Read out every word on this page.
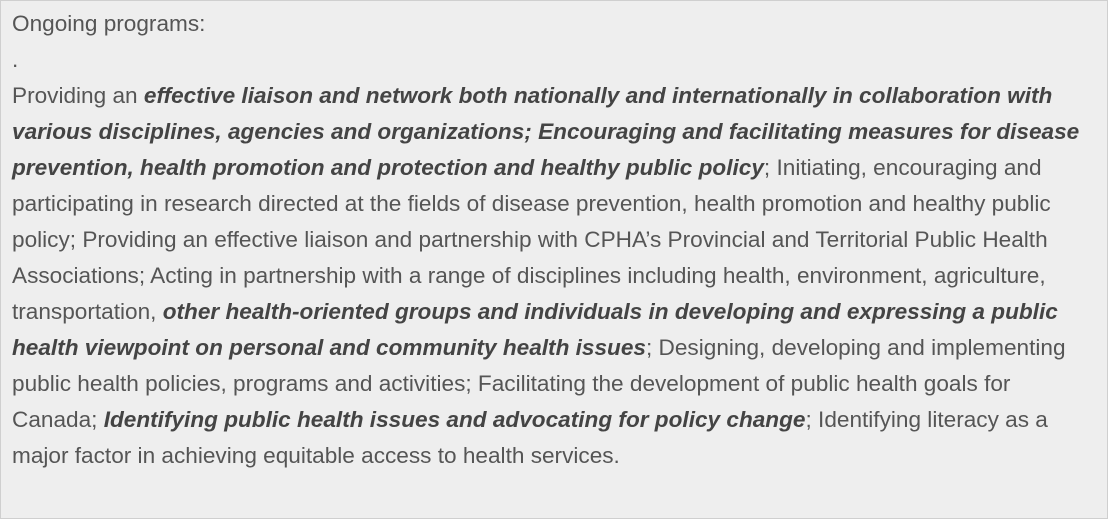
Ongoing programs:

.

Providing an effective liaison and network both nationally and internationally in collaboration with various disciplines, agencies and organizations; Encouraging and facilitating measures for disease prevention, health promotion and protection and healthy public policy; Initiating, encouraging and participating in research directed at the fields of disease prevention, health promotion and healthy public policy; Providing an effective liaison and partnership with CPHA’s Provincial and Territorial Public Health Associations; Acting in partnership with a range of disciplines including health, environment, agriculture, transportation, other health-oriented groups and individuals in developing and expressing a public health viewpoint on personal and community health issues; Designing, developing and implementing public health policies, programs and activities; Facilitating the development of public health goals for Canada; Identifying public health issues and advocating for policy change; Identifying literacy as a major factor in achieving equitable access to health services.
